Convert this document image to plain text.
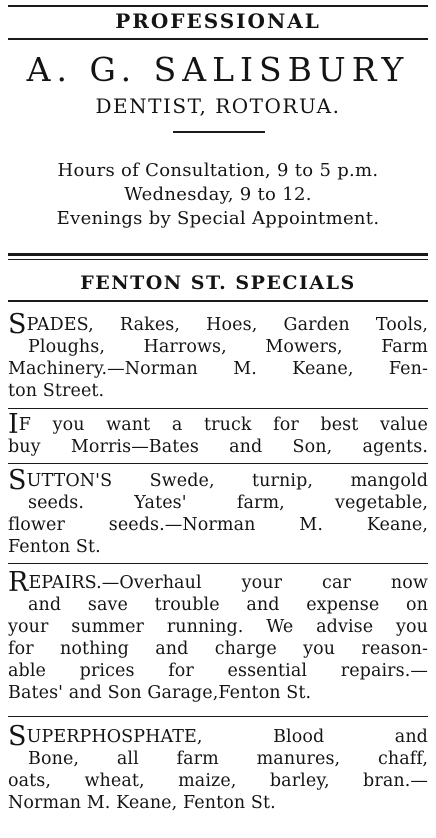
PROFESSIONAL
A. G. SALISBURY
DENTIST, ROTORUA.
Hours of Consultation, 9 to 5 p.m.
Wednesday, 9 to 12.
Evenings by Special Appointment.
FENTON ST. SPECIALS
SPADES, Rakes, Hoes, Garden Tools,
Ploughs, Harrows, Mowers, Farm
Machinery.—Norman M. Keane, Fen-
ton Street.
IF you want a truck for best value
buy Morris—Bates and Son, agents.
SUTTON'S Swede, turnip, mangold
seeds. Yates' farm, vegetable,
flower seeds.—Norman M. Keane,
Fenton St.
REPAIRS.—Overhaul your car now
and save trouble and expense on
your summer running. We advise you
for nothing and charge you reason-
able prices for essential repairs.—
Bates' and Son Garage,Fenton St.
SUPERPHOSPHATE, Blood and
Bone, all farm manures, chaff,
oats, wheat, maize, barley, bran.—
Norman M. Keane, Fenton St.
